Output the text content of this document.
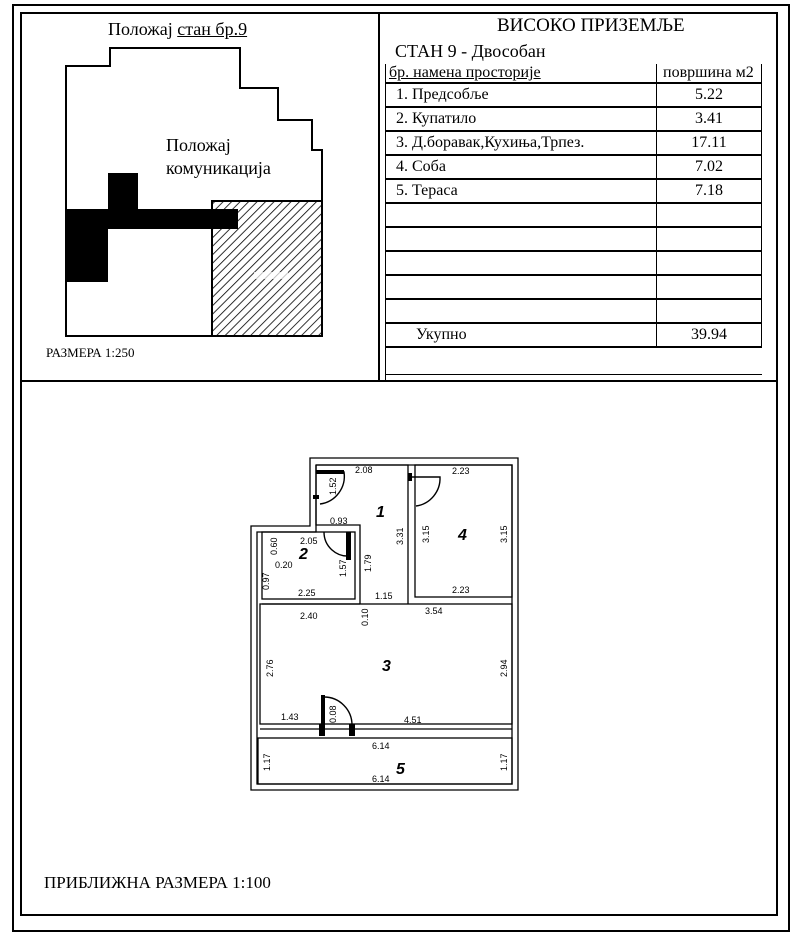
Положај стан бр.9
Положај
комуникација
РАЗМЕРА 1:250
ВИСОКО ПРИЗЕМЉЕ
СТАН 9 - Двособан
бр. намена просторије	површина м2
1. Предсобље	5.22
2. Купатило	3.41
3. Д.боравак,Кухиња,Трпез.	17.11
4. Соба	7.02
5. Тераса	7.18

Укупно	39.94
1
2
3
4
5
2.08
1.52
2.23
0.93
3.31 3.15	3.15
0.60 2.05
0.20	1.57 1.79
0.97
2.25	2.23
1.15
2.40	0.10	3.54
2.76	2.94
0.08
1.43	4.51
6.14
1.17	1.17
6.14
ПРИБЛИЖНА РАЗМЕРА 1:100
